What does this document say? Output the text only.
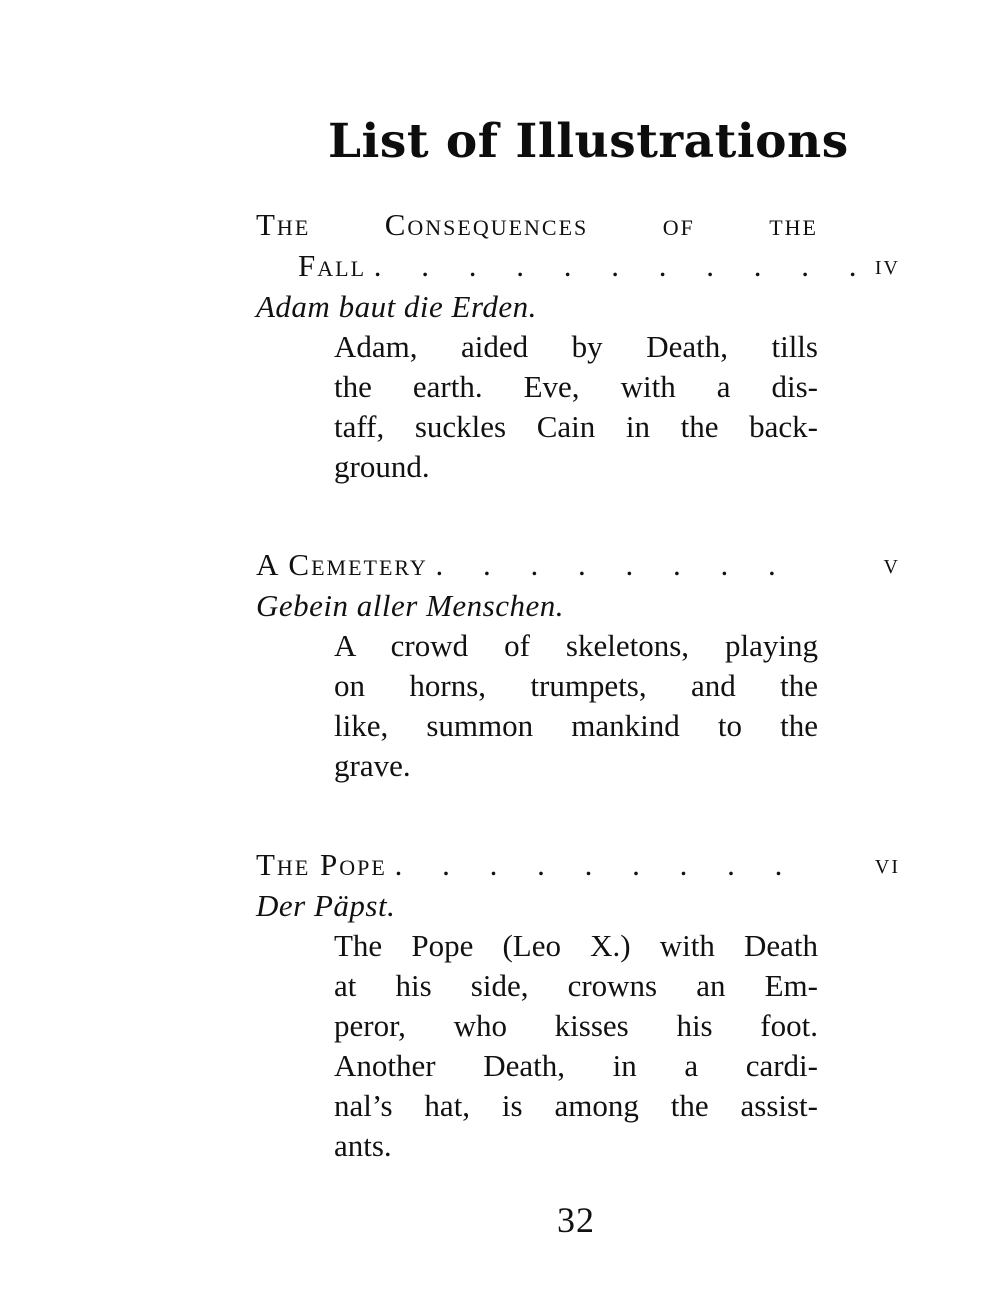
List of Illustrations
The Consequences of the
Fall . . . . . . . . . . . iv
Adam baut die Erden.
Adam, aided by Death, tills
the earth. Eve, with a dis-
taff, suckles Cain in the back-
ground.
A Cemetery . . . . . . . .	v
Gebein aller Menschen.
A crowd of skeletons, playing
on horns, trumpets, and the
like, summon mankind to the
grave.
The Pope . . . . . . . . .	vi
Der Päpst.
The Pope (Leo X.) with Death
at his side, crowns an Em-
peror, who kisses his foot.
Another Death, in a cardi-
nal’s hat, is among the assist-
ants.
32
